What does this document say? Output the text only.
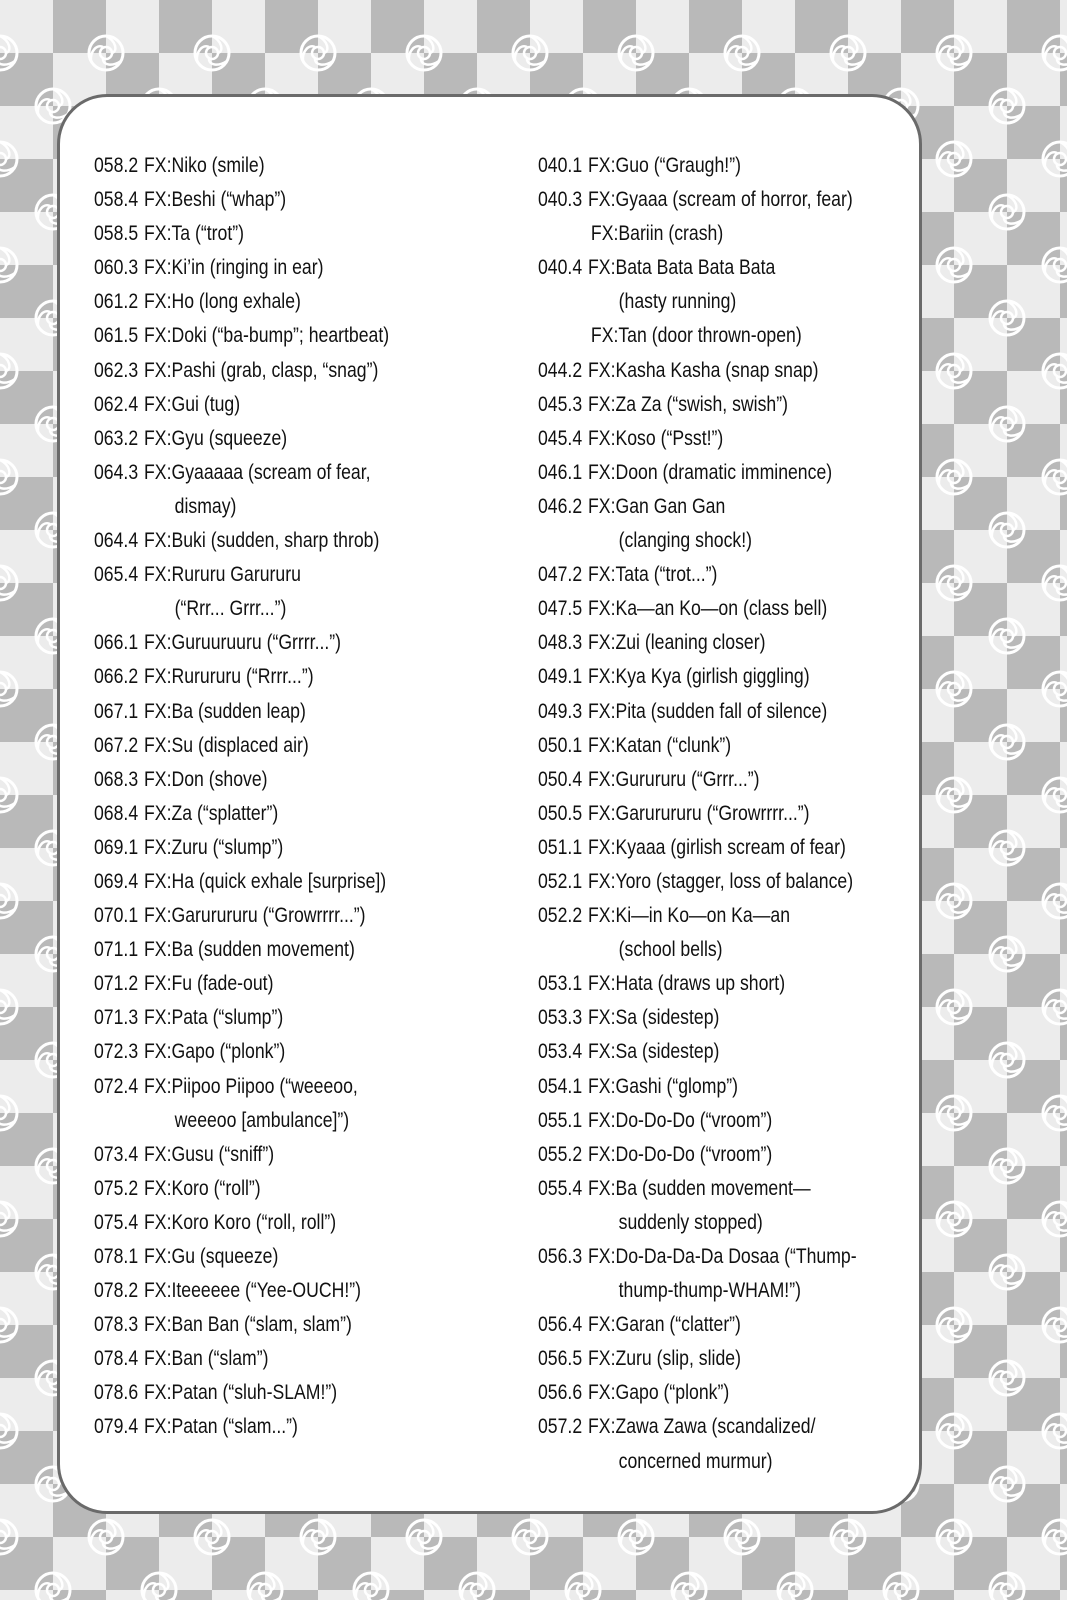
058.2 FX:Niko (smile)
058.4 FX:Beshi (“whap”)
058.5 FX:Ta (“trot”)
060.3 FX:Ki’in (ringing in ear)
061.2 FX:Ho (long exhale)
061.5 FX:Doki (“ba-bump”; heartbeat)
062.3 FX:Pashi (grab, clasp, “snag”)
062.4 FX:Gui (tug)
063.2 FX:Gyu (squeeze)
064.3 FX:Gyaaaaa (scream of fear,
dismay)
064.4 FX:Buki (sudden, sharp throb)
065.4 FX:Rururu Garururu
(“Rrr... Grrr...”)
066.1 FX:Guruuruuru (“Grrrr...”)
066.2 FX:Rurururu (“Rrrr...”)
067.1 FX:Ba (sudden leap)
067.2 FX:Su (displaced air)
068.3 FX:Don (shove)
068.4 FX:Za (“splatter”)
069.1 FX:Zuru (“slump”)
069.4 FX:Ha (quick exhale [surprise])
070.1 FX:Garurururu (“Growrrrr...”)
071.1 FX:Ba (sudden movement)
071.2 FX:Fu (fade-out)
071.3 FX:Pata (“slump”)
072.3 FX:Gapo (“plonk”)
072.4 FX:Piipoo Piipoo (“weeeoo,
weeeoo [ambulance]”)
073.4 FX:Gusu (“sniff”)
075.2 FX:Koro (“roll”)
075.4 FX:Koro Koro (“roll, roll”)
078.1 FX:Gu (squeeze)
078.2 FX:Iteeeeee (“Yee-OUCH!”)
078.3 FX:Ban Ban (“slam, slam”)
078.4 FX:Ban (“slam”)
078.6 FX:Patan (“sluh-SLAM!”)
079.4 FX:Patan (“slam...”)
040.1 FX:Guo (“Graugh!”)
040.3 FX:Gyaaa (scream of horror, fear)
FX:Bariin (crash)
040.4 FX:Bata Bata Bata Bata
(hasty running)
FX:Tan (door thrown-open)
044.2 FX:Kasha Kasha (snap snap)
045.3 FX:Za Za (“swish, swish”)
045.4 FX:Koso (“Psst!”)
046.1 FX:Doon (dramatic imminence)
046.2 FX:Gan Gan Gan
(clanging shock!)
047.2 FX:Tata (“trot...”)
047.5 FX:Ka—an Ko—on (class bell)
048.3 FX:Zui (leaning closer)
049.1 FX:Kya Kya (girlish giggling)
049.3 FX:Pita (sudden fall of silence)
050.1 FX:Katan (“clunk”)
050.4 FX:Gurururu (“Grrr...”)
050.5 FX:Garurururu (“Growrrrr...”)
051.1 FX:Kyaaa (girlish scream of fear)
052.1 FX:Yoro (stagger, loss of balance)
052.2 FX:Ki—in Ko—on Ka—an
(school bells)
053.1 FX:Hata (draws up short)
053.3 FX:Sa (sidestep)
053.4 FX:Sa (sidestep)
054.1 FX:Gashi (“glomp”)
055.1 FX:Do-Do-Do (“vroom”)
055.2 FX:Do-Do-Do (“vroom”)
055.4 FX:Ba (sudden movement—
suddenly stopped)
056.3 FX:Do-Da-Da-Da Dosaa (“Thump-
thump-thump-WHAM!”)
056.4 FX:Garan (“clatter”)
056.5 FX:Zuru (slip, slide)
056.6 FX:Gapo (“plonk”)
057.2 FX:Zawa Zawa (scandalized/
concerned murmur)
